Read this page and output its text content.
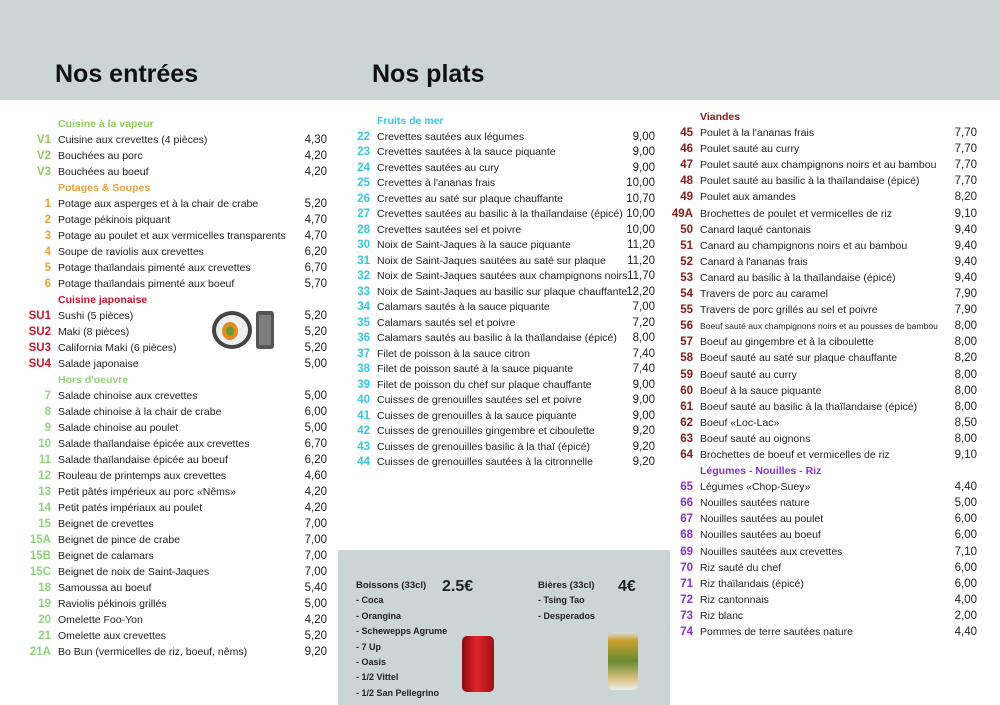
Nos entrées	Nos plats
Cuisine à la vapeur
V1 Cuisine aux crevettes (4 pièces)	4,30
V2 Bouchées au porc	4,20
V3 Bouchées au boeuf	4,20
Potages & Soupes
1 Potage aux asperges et à la chair de crabe	5,20
2 Potage pékinois piquant	4,70
3 Potage au poulet et aux vermicelles transparents 4,70
4 Soupe de raviolis aux crevettes	6,20
5 Potage thaïlandais pimenté aux crevettes	6,70
6 Potage thaïlandais pimenté aux boeuf	5,70
Cuisine japonaise
SU1 Sushi (5 pièces)	5,20
SU2 Maki (8 pièces)	5,20
SU3 California Maki (6 pièces)	5,20
SU4 Salade japonaise	5,00
Hors d'oeuvre
7 Salade chinoise aux crevettes	5,00
8 Salade chinoise à la chair de crabe	6,00
9 Salade chinoise au poulet	5,00
10 Salade thaïlandaise épicée aux crevettes	6,70
11 Salade thaïlandaise épicée au boeuf	6,20
12 Rouleau de printemps aux crevettes	4,60
13 Petit pâtés impérieux au porc «Nêms»	4,20
14 Petit patés impériaux au poulet	4,20
15 Beignet de crevettes	7,00
15A Beignet de pince de crabe	7,00
15B Beignet de calamars	7,00
15C Beignet de noix de Saint-Jaques	7,00
18 Samoussa au boeuf	5,40
19 Raviolis pékinois grillés	5,00
20 Omelette Foo-Yon	4,20
21 Omelette aux crevettes	5,20
21A Bo Bun (vermicelles de riz, boeuf, nêms)	9,20
Fruits de mer
22 Crevettes sautées aux légumes	9,00
23 Crevettes sautées à la sauce piquante	9,00
24 Crevettes sautées au cury	9,00
25 Crevettes à l'ananas frais	10,00
26 Crevettes au saté sur plaque chauffante	10,70
27 Crevettes sautées au basilic à la thaïlandaise (épicé) 10,00
28 Crevettes sautées sel et poivre	10,00
30 Noix de Saint-Jaques à la sauce piquante	11,20
31 Noix de Saint-Jaques sautées au saté sur plaque 11,20
32 Noix de Saint-Jaques sautées aux champignons noirs 11,70
33 Noix de Saint-Jaques au basilic sur plaque chauffante 12,20
34 Calamars sautés à la sauce piquante	7,00
35 Calamars sautés sel et poivre	7,20
36 Calamars sautés au basilic à la thaïlandaise (épicé) 8,00
37 Filet de poisson à la sauce citron	7,40
38 Filet de poisson sauté à la sauce piquante	7,40
39 Filet de poisson du chef sur plaque chauffante	9,00
40 Cuisses de grenouilles sautées sel et poivre	9,00
41 Cuisses de grenouilles à la sauce piquante	9,00
42 Cuisses de grenouilles gingembre et ciboulette	9,20
43 Cuisses de grenouilles basilic à la thaï (épicé)	9,20
44 Cuisses de grenouilles sautées à la citronnelle	9,20
Viandes
45 Poulet à la l'ananas frais	7,70
46 Poulet sauté au curry	7,70
47 Poulet sauté aux champignons noirs et au bambou 7,70
48 Poulet sauté au basilic à la thaïlandaise (épicé)	7,70
49 Poulet aux amandes	8,20
49A Brochettes de poulet et vermicelles de riz	9,10
50 Canard laqué cantonais	9,40
51 Canard au champignons noirs et au bambou	9,40
52 Canard à l'ananas frais	9,40
53 Canard au basilic à la thaïlandaise (épicé)	9,40
54 Travers de porc au caramel	7,90
55 Travers de porc grillés au sel et poivre	7,90
56 Boeuf sauté aux champignons noirs et au pousses de bambou 8,00
57 Boeuf au gingembre et à la ciboulette	8,00
58 Boeuf sauté au saté sur plaque chauffante	8,20
59 Boeuf sauté au curry	8,00
60 Boeuf à la sauce piquante	8,00
61 Boeuf sauté au basilic à la thaïlandaise (épicé)	8,00
62 Boeuf «Loc-Lac»	8,50
63 Boeuf sauté au oignons	8,00
64 Brochettes de boeuf et vermicelles de riz	9,10
Légumes - Nouilles - Riz
65 Légumes «Chop-Suey»	4,40
66 Nouilles sautées nature	5,00
67 Nouilles sautées au poulet	6,00
68 Nouilles sautées au boeuf	6,00
69 Nouilles sautées aux crevettes	7,10
70 Riz sauté du chef	6,00
71 Riz thaïlandais (épicé)	6,00
72 Riz cantonnais	4,00
73 Riz blanc	2,00
74 Pommes de terre sautées nature	4,40
Boissons (33cl)
- Coca
- Orangina
- Schewepps Agrume
- 7 Up
- Oasis
- 1/2 Vittel
- 1/2 San Pellegrino
2.5€	Bières (33cl)
- Tsing Tao
- Desperados
4€
